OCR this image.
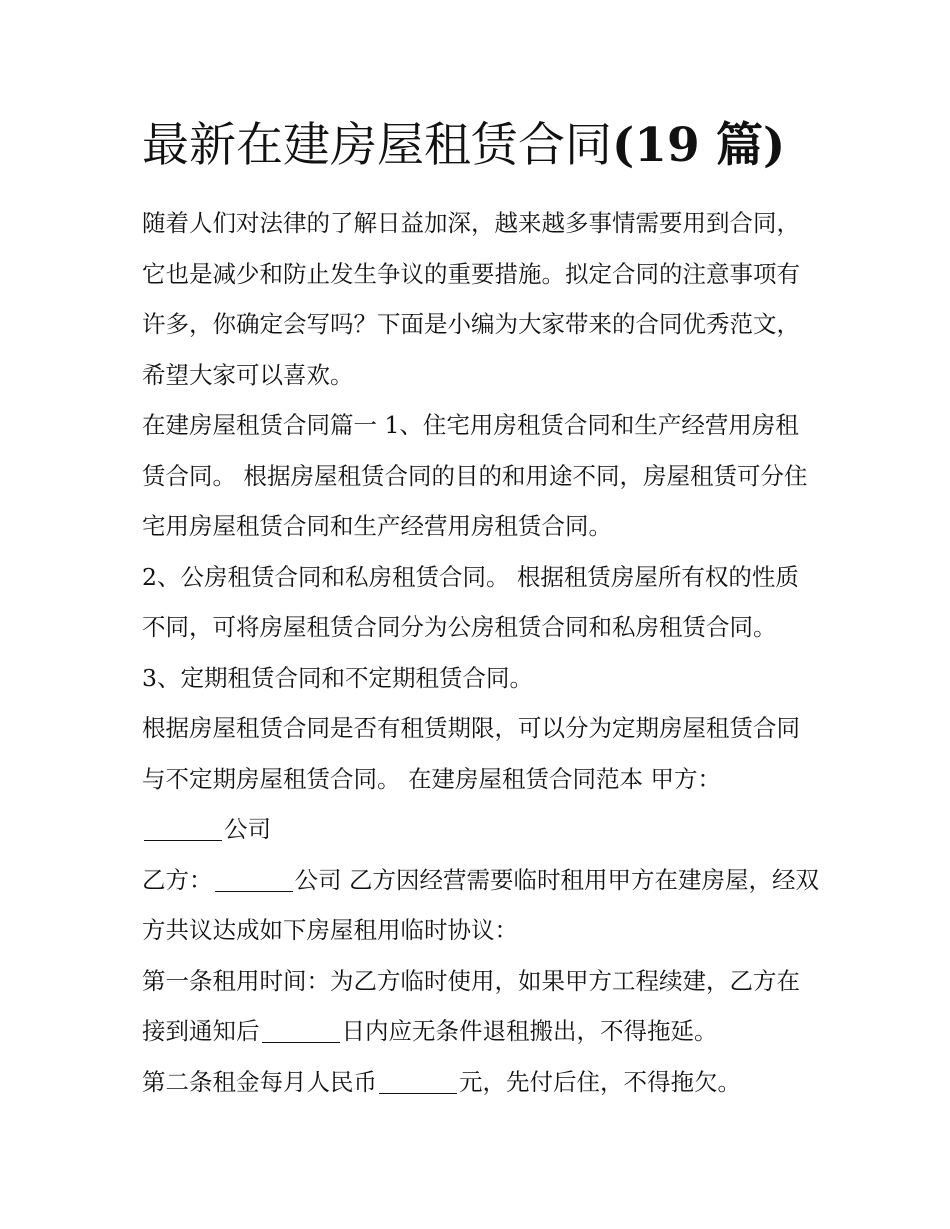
最新在建房屋租赁合同(19 篇)

随着人们对法律的了解日益加深，越来越多事情需要用到合同，它也是减少和防止发生争议的重要措施。拟定合同的注意事项有许多，你确定会写吗？下面是小编为大家带来的合同优秀范文，希望大家可以喜欢。

在建房屋租赁合同篇一 1、住宅用房租赁合同和生产经营用房租赁合同。 根据房屋租赁合同的目的和用途不同，房屋租赁可分住宅用房屋租赁合同和生产经营用房租赁合同。

2、公房租赁合同和私房租赁合同。 根据租赁房屋所有权的性质不同，可将房屋租赁合同分为公房租赁合同和私房租赁合同。 3、定期租赁合同和不定期租赁合同。

根据房屋租赁合同是否有租赁期限，可以分为定期房屋租赁合同与不定期房屋租赁合同。 在建房屋租赁合同范本 甲方：

公司

乙方：	公司 乙方因经营需要临时租用甲方在建房屋，经双方共议达成如下房屋租用临时协议：

第一条租用时间：为乙方临时使用，如果甲方工程续建，乙方在接到通知后	日内应无条件退租搬出，不得拖延。

第二条租金每月人民币	元，先付后住，不得拖欠。
